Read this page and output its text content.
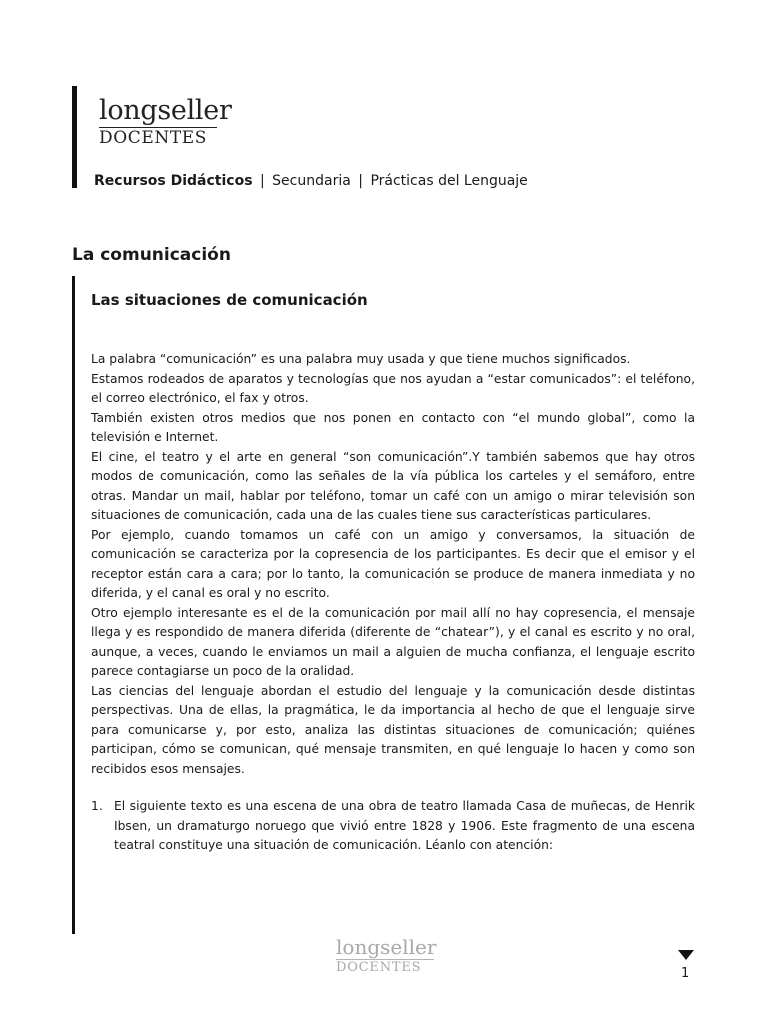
longseller
DOCENTES
Recursos Didácticos | Secundaria | Prácticas del Lenguaje
La comunicación
Las situaciones de comunicación

La palabra “comunicación” es una palabra muy usada y que tiene muchos significados.

Estamos rodeados de aparatos y tecnologías que nos ayudan a “estar comunicados”: el teléfono, el correo electrónico, el fax y otros.

También existen otros medios que nos ponen en contacto con “el mundo global”, como la televisión e Internet.

El cine, el teatro y el arte en general “son comunicación”.Y también sabemos que hay otros modos de comunicación, como las señales de la vía pública los carteles y el semáforo, entre otras. Mandar un mail, hablar por teléfono, tomar un café con un amigo o mirar televisión son situaciones de comunicación, cada una de las cuales tiene sus características particulares.

Por ejemplo, cuando tomamos un café con un amigo y conversamos, la situación de comunicación se caracteriza por la copresencia de los participantes. Es decir que el emisor y el receptor están cara a cara; por lo tanto, la comunicación se produce de manera inmediata y no diferida, y el canal es oral y no escrito.

Otro ejemplo interesante es el de la comunicación por mail allí no hay copresencia, el mensaje llega y es respondido de manera diferida (diferente de “chatear”), y el canal es escrito y no oral, aunque, a veces, cuando le enviamos un mail a alguien de mucha confianza, el lenguaje escrito parece contagiarse un poco de la oralidad.

Las ciencias del lenguaje abordan el estudio del lenguaje y la comunicación desde distintas perspectivas. Una de ellas, la pragmática, le da importancia al hecho de que el lenguaje sirve para comunicarse y, por esto, analiza las distintas situaciones de comunicación; quiénes participan, cómo se comunican, qué mensaje transmiten, en qué lenguaje lo hacen y como son recibidos esos mensajes.

1. El siguiente texto es una escena de una obra de teatro llamada Casa de muñecas, de Henrik Ibsen, un dramaturgo noruego que vivió entre 1828 y 1906. Este fragmento de una escena teatral constituye una situación de comunicación. Léanlo con atención:
longseller
DOCENTES	1
